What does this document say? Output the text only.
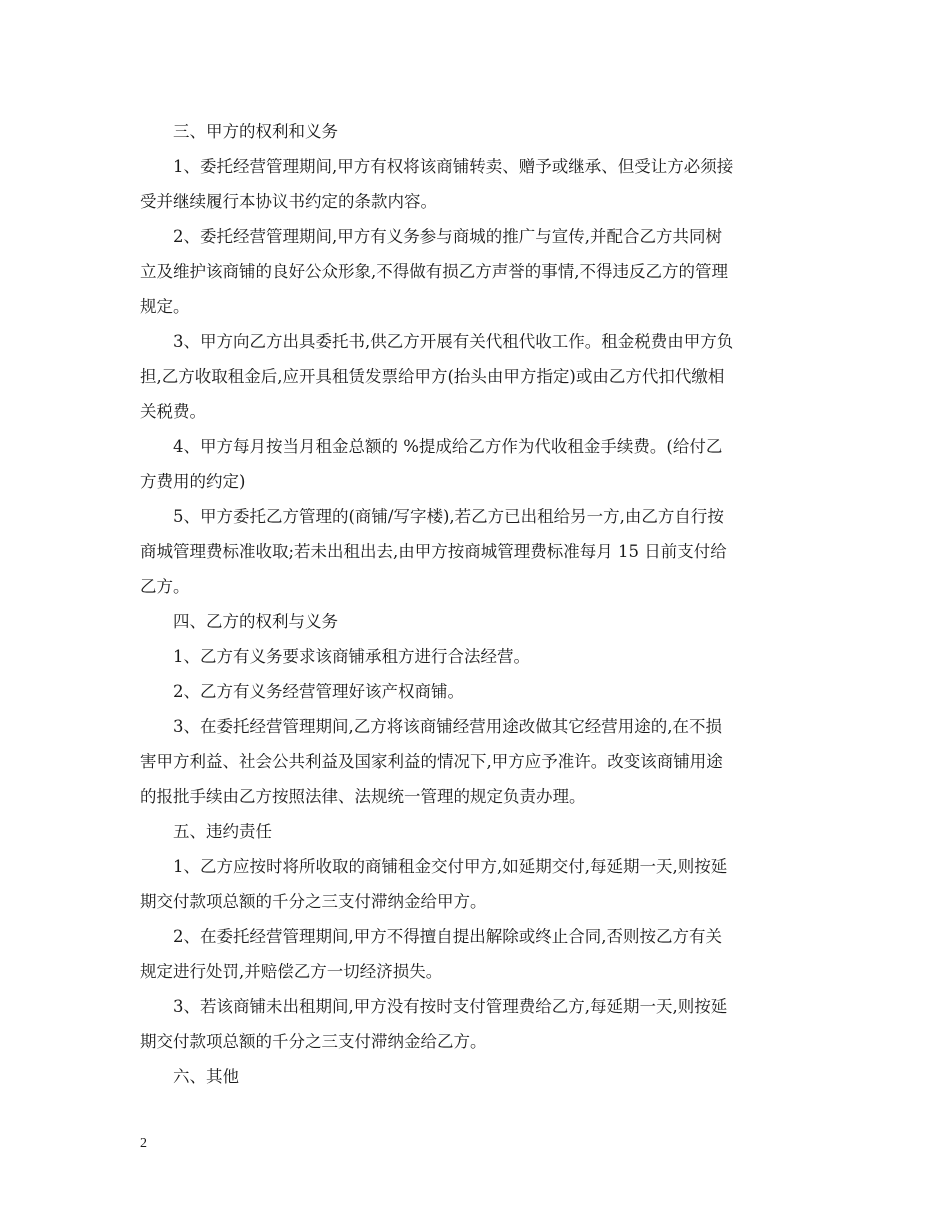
三、甲方的权利和义务
1、委托经营管理期间,甲方有权将该商铺转卖、赠予或继承、但受让方必须接
受并继续履行本协议书约定的条款内容。
2、委托经营管理期间,甲方有义务参与商城的推广与宣传,并配合乙方共同树
立及维护该商铺的良好公众形象,不得做有损乙方声誉的事情,不得违反乙方的管理
规定。
3、甲方向乙方出具委托书,供乙方开展有关代租代收工作。租金税费由甲方负
担,乙方收取租金后,应开具租赁发票给甲方(抬头由甲方指定)或由乙方代扣代缴相
关税费。
4、甲方每月按当月租金总额的 %提成给乙方作为代收租金手续费。(给付乙
方费用的约定)
5、甲方委托乙方管理的(商铺/写字楼),若乙方已出租给另一方,由乙方自行按
商城管理费标准收取;若未出租出去,由甲方按商城管理费标准每月 15 日前支付给
乙方。
四、乙方的权利与义务
1、乙方有义务要求该商铺承租方进行合法经营。
2、乙方有义务经营管理好该产权商铺。
3、在委托经营管理期间,乙方将该商铺经营用途改做其它经营用途的,在不损
害甲方利益、社会公共利益及国家利益的情况下,甲方应予准许。改变该商铺用途
的报批手续由乙方按照法律、法规统一管理的规定负责办理。
五、违约责任
1、乙方应按时将所收取的商铺租金交付甲方,如延期交付,每延期一天,则按延
期交付款项总额的千分之三支付滞纳金给甲方。
2、在委托经营管理期间,甲方不得擅自提出解除或终止合同,否则按乙方有关
规定进行处罚,并赔偿乙方一切经济损失。
3、若该商铺未出租期间,甲方没有按时支付管理费给乙方,每延期一天,则按延
期交付款项总额的千分之三支付滞纳金给乙方。
六、其他
2
